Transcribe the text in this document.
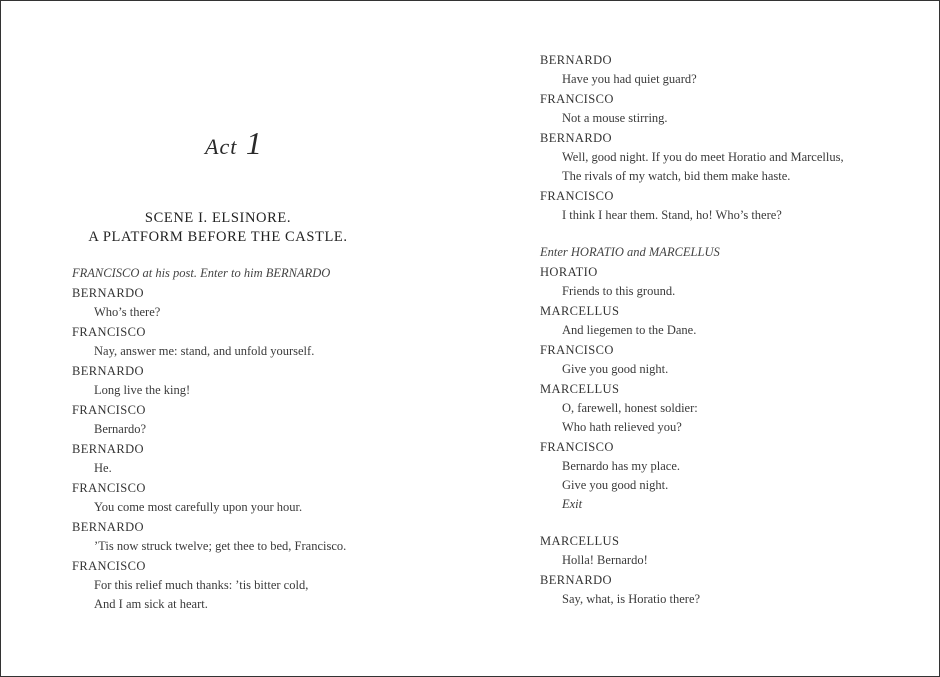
Act 1
SCENE I. ELSINORE.
A PLATFORM BEFORE THE CASTLE.
FRANCISCO at his post. Enter to him BERNARDO
BERNARDO
Who’s there?
FRANCISCO
Nay, answer me: stand, and unfold yourself.
BERNARDO
Long live the king!
FRANCISCO
Bernardo?
BERNARDO
He.
FRANCISCO
You come most carefully upon your hour.
BERNARDO
’Tis now struck twelve; get thee to bed, Francisco.
FRANCISCO
For this relief much thanks: ’tis bitter cold,
And I am sick at heart.
BERNARDO
Have you had quiet guard?
FRANCISCO
Not a mouse stirring.
BERNARDO
Well, good night. If you do meet Horatio and Marcellus,
The rivals of my watch, bid them make haste.
FRANCISCO
I think I hear them. Stand, ho! Who’s there?
Enter HORATIO and MARCELLUS
HORATIO
Friends to this ground.
MARCELLUS
And liegemen to the Dane.
FRANCISCO
Give you good night.
MARCELLUS
O, farewell, honest soldier:
Who hath relieved you?
FRANCISCO
Bernardo has my place.
Give you good night.
Exit
MARCELLUS
Holla! Bernardo!
BERNARDO
Say, what, is Horatio there?
